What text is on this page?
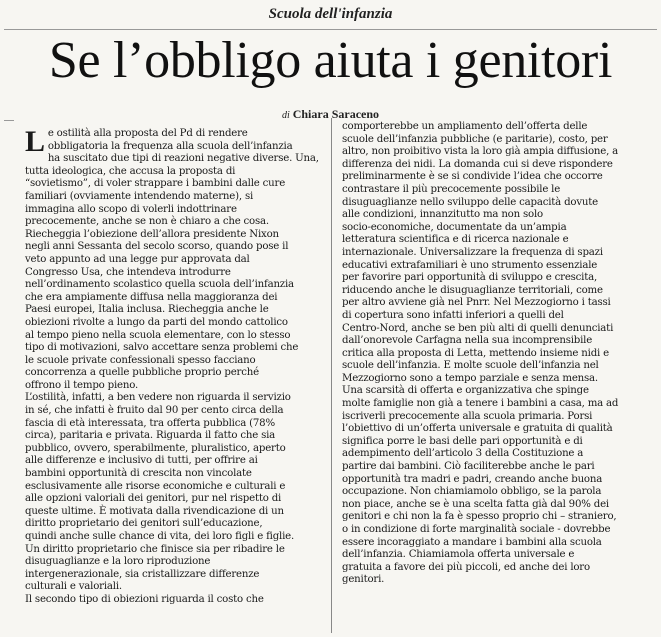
Scuola dell'infanzia
Se l’obbligo aiuta i genitori
di Chiara Saraceno
L e ostilità alla proposta del Pd di rendere
obbligatoria la frequenza alla scuola dell’infanzia
ha suscitato due tipi di reazioni negative diverse. Una,
tutta ideologica, che accusa la proposta di
“sovietismo”, di voler strappare i bambini dalle cure
familiari (ovviamente intendendo materne), si
immagina allo scopo di volerli indottrinare
precocemente, anche se non è chiaro a che cosa.
Riecheggia l’obiezione dell’allora presidente Nixon
negli anni Sessanta del secolo scorso, quando pose il
veto appunto ad una legge pur approvata dal
Congresso Usa, che intendeva introdurre
nell’ordinamento scolastico quella scuola dell’infanzia
che era ampiamente diffusa nella maggioranza dei
Paesi europei, Italia inclusa. Riecheggia anche le
obiezioni rivolte a lungo da parti del mondo cattolico
al tempo pieno nella scuola elementare, con lo stesso
tipo di motivazioni, salvo accettare senza problemi che
le scuole private confessionali spesso facciano
concorrenza a quelle pubbliche proprio perché
offrono il tempo pieno.
L’ostilità, infatti, a ben vedere non riguarda il servizio
in sé, che infatti è fruito dal 90 per cento circa della
fascia di età interessata, tra offerta pubblica (78%
circa), paritaria e privata. Riguarda il fatto che sia
pubblico, ovvero, sperabilmente, pluralistico, aperto
alle differenze e inclusivo di tutti, per offrire ai
bambini opportunità di crescita non vincolate
esclusivamente alle risorse economiche e culturali e
alle opzioni valoriali dei genitori, pur nel rispetto di
queste ultime. È motivata dalla rivendicazione di un
diritto proprietario dei genitori sull’educazione,
quindi anche sulle chance di vita, dei loro figli e figlie.
Un diritto proprietario che finisce sia per ribadire le
disuguaglianze e la loro riproduzione
intergenerazionale, sia cristallizzare differenze
culturali e valoriali.
Il secondo tipo di obiezioni riguarda il costo che

comporterebbe un ampliamento dell’offerta delle
scuole dell’infanzia pubbliche (e paritarie), costo, per
altro, non proibitivo vista la loro già ampia diffusione, a
differenza dei nidi. La domanda cui si deve rispondere
preliminarmente è se si condivide l’idea che occorre
contrastare il più precocemente possibile le
disuguaglianze nello sviluppo delle capacità dovute
alle condizioni, innanzitutto ma non solo
socio-economiche, documentate da un’ampia
letteratura scientifica e di ricerca nazionale e
internazionale. Universalizzare la frequenza di spazi
educativi extrafamiliari è uno strumento essenziale
per favorire pari opportunità di sviluppo e crescita,
riducendo anche le disuguaglianze territoriali, come
per altro avviene già nel Pnrr. Nel Mezzogiorno i tassi
di copertura sono infatti inferiori a quelli del
Centro-Nord, anche se ben più alti di quelli denunciati
dall’onorevole Carfagna nella sua incomprensibile
critica alla proposta di Letta, mettendo insieme nidi e
scuole dell’infanzia. E molte scuole dell’infanzia nel
Mezzogiorno sono a tempo parziale e senza mensa.
Una scarsità di offerta e organizzativa che spinge
molte famiglie non già a tenere i bambini a casa, ma ad
iscriverli precocemente alla scuola primaria. Porsi
l’obiettivo di un’offerta universale e gratuita di qualità
significa porre le basi delle pari opportunità e di
adempimento dell’articolo 3 della Costituzione a
partire dai bambini. Ciò faciliterebbe anche le pari
opportunità tra madri e padri, creando anche buona
occupazione. Non chiamiamolo obbligo, se la parola
non piace, anche se è una scelta fatta già dal 90% dei
genitori e chi non la fa è spesso proprio chi – straniero,
o in condizione di forte marginalità sociale - dovrebbe
essere incoraggiato a mandare i bambini alla scuola
dell’infanzia. Chiamiamola offerta universale e
gratuita a favore dei più piccoli, ed anche dei loro
genitori.
